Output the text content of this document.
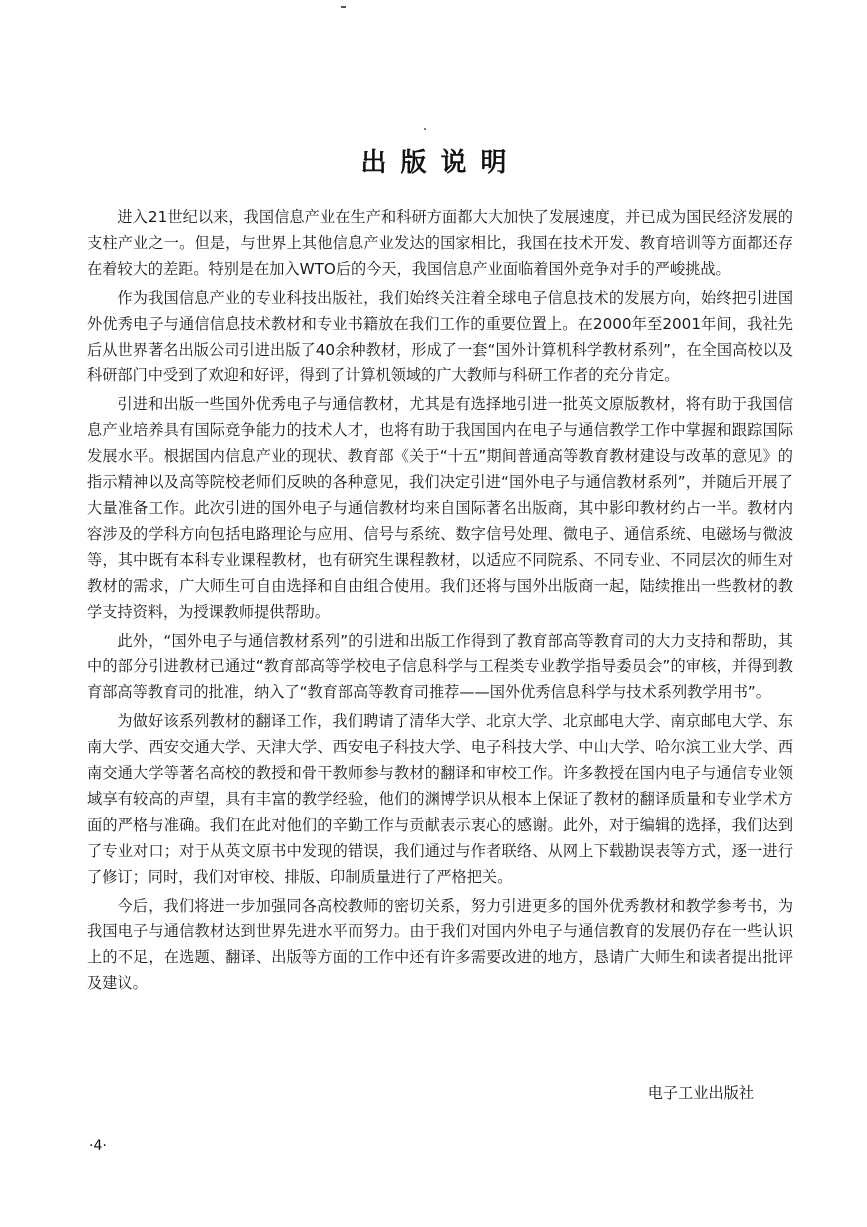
出版说明

进入21世纪以来，我国信息产业在生产和科研方面都大大加快了发展速度，并已成为国民经济发展的支柱产业之一。但是，与世界上其他信息产业发达的国家相比，我国在技术开发、教育培训等方面都还存在着较大的差距。特别是在加入WTO后的今天，我国信息产业面临着国外竞争对手的严峻挑战。

作为我国信息产业的专业科技出版社，我们始终关注着全球电子信息技术的发展方向，始终把引进国外优秀电子与通信信息技术教材和专业书籍放在我们工作的重要位置上。在2000年至2001年间，我社先后从世界著名出版公司引进出版了40余种教材，形成了一套“国外计算机科学教材系列”，在全国高校以及科研部门中受到了欢迎和好评，得到了计算机领域的广大教师与科研工作者的充分肯定。

引进和出版一些国外优秀电子与通信教材，尤其是有选择地引进一批英文原版教材，将有助于我国信息产业培养具有国际竞争能力的技术人才，也将有助于我国国内在电子与通信教学工作中掌握和跟踪国际发展水平。根据国内信息产业的现状、教育部《关于“十五”期间普通高等教育教材建设与改革的意见》的指示精神以及高等院校老师们反映的各种意见，我们决定引进“国外电子与通信教材系列”，并随后开展了大量准备工作。此次引进的国外电子与通信教材均来自国际著名出版商，其中影印教材约占一半。教材内容涉及的学科方向包括电路理论与应用、信号与系统、数字信号处理、微电子、通信系统、电磁场与微波等，其中既有本科专业课程教材，也有研究生课程教材，以适应不同院系、不同专业、不同层次的师生对教材的需求，广大师生可自由选择和自由组合使用。我们还将与国外出版商一起，陆续推出一些教材的教学支持资料，为授课教师提供帮助。

此外，“国外电子与通信教材系列”的引进和出版工作得到了教育部高等教育司的大力支持和帮助，其中的部分引进教材已通过“教育部高等学校电子信息科学与工程类专业教学指导委员会”的审核，并得到教育部高等教育司的批准，纳入了“教育部高等教育司推荐——国外优秀信息科学与技术系列教学用书”。

为做好该系列教材的翻译工作，我们聘请了清华大学、北京大学、北京邮电大学、南京邮电大学、东南大学、西安交通大学、天津大学、西安电子科技大学、电子科技大学、中山大学、哈尔滨工业大学、西南交通大学等著名高校的教授和骨干教师参与教材的翻译和审校工作。许多教授在国内电子与通信专业领域享有较高的声望，具有丰富的教学经验，他们的渊博学识从根本上保证了教材的翻译质量和专业学术方面的严格与准确。我们在此对他们的辛勤工作与贡献表示衷心的感谢。此外，对于编辑的选择，我们达到了专业对口；对于从英文原书中发现的错误，我们通过与作者联络、从网上下载勘误表等方式，逐一进行了修订；同时，我们对审校、排版、印制质量进行了严格把关。

今后，我们将进一步加强同各高校教师的密切关系，努力引进更多的国外优秀教材和教学参考书，为我国电子与通信教材达到世界先进水平而努力。由于我们对国内外电子与通信教育的发展仍存在一些认识上的不足，在选题、翻译、出版等方面的工作中还有许多需要改进的地方，恳请广大师生和读者提出批评及建议。

电子工业出版社
·4·
